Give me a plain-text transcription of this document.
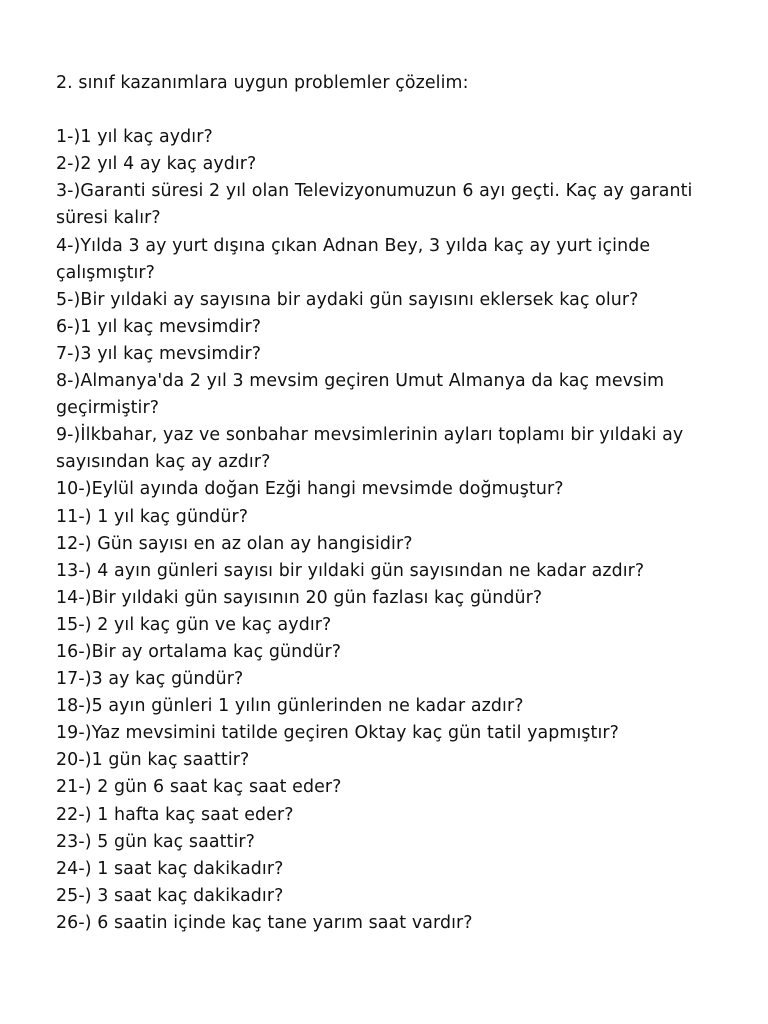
2. sınıf kazanımlara uygun problemler çözelim:

1-)1 yıl kaç aydır?
2-)2 yıl 4 ay kaç aydır?
3-)Garanti süresi 2 yıl olan Televizyonumuzun 6 ayı geçti. Kaç ay garanti süresi kalır?
4-)Yılda 3 ay yurt dışına çıkan Adnan Bey, 3 yılda kaç ay yurt içinde çalışmıştır?
5-)Bir yıldaki ay sayısına bir aydaki gün sayısını eklersek kaç olur?
6-)1 yıl kaç mevsimdir?
7-)3 yıl kaç mevsimdir?
8-)Almanya'da 2 yıl 3 mevsim geçiren Umut Almanya da kaç mevsim geçirmiştir?
9-)İlkbahar, yaz ve sonbahar mevsimlerinin ayları toplamı bir yıldaki ay sayısından kaç ay azdır?
10-)Eylül ayında doğan Ezği hangi mevsimde doğmuştur?
11-) 1 yıl kaç gündür?
12-) Gün sayısı en az olan ay hangisidir?
13-) 4 ayın günleri sayısı bir yıldaki gün sayısından ne kadar azdır?
14-)Bir yıldaki gün sayısının 20 gün fazlası kaç gündür?
15-) 2 yıl kaç gün ve kaç aydır?
16-)Bir ay ortalama kaç gündür?
17-)3 ay kaç gündür?
18-)5 ayın günleri 1 yılın günlerinden ne kadar azdır?
19-)Yaz mevsimini tatilde geçiren Oktay kaç gün tatil yapmıştır?
20-)1 gün kaç saattir?
21-) 2 gün 6 saat kaç saat eder?
22-) 1 hafta kaç saat eder?
23-) 5 gün kaç saattir?
24-) 1 saat kaç dakikadır?
25-) 3 saat kaç dakikadır?
26-) 6 saatin içinde kaç tane yarım saat vardır?
